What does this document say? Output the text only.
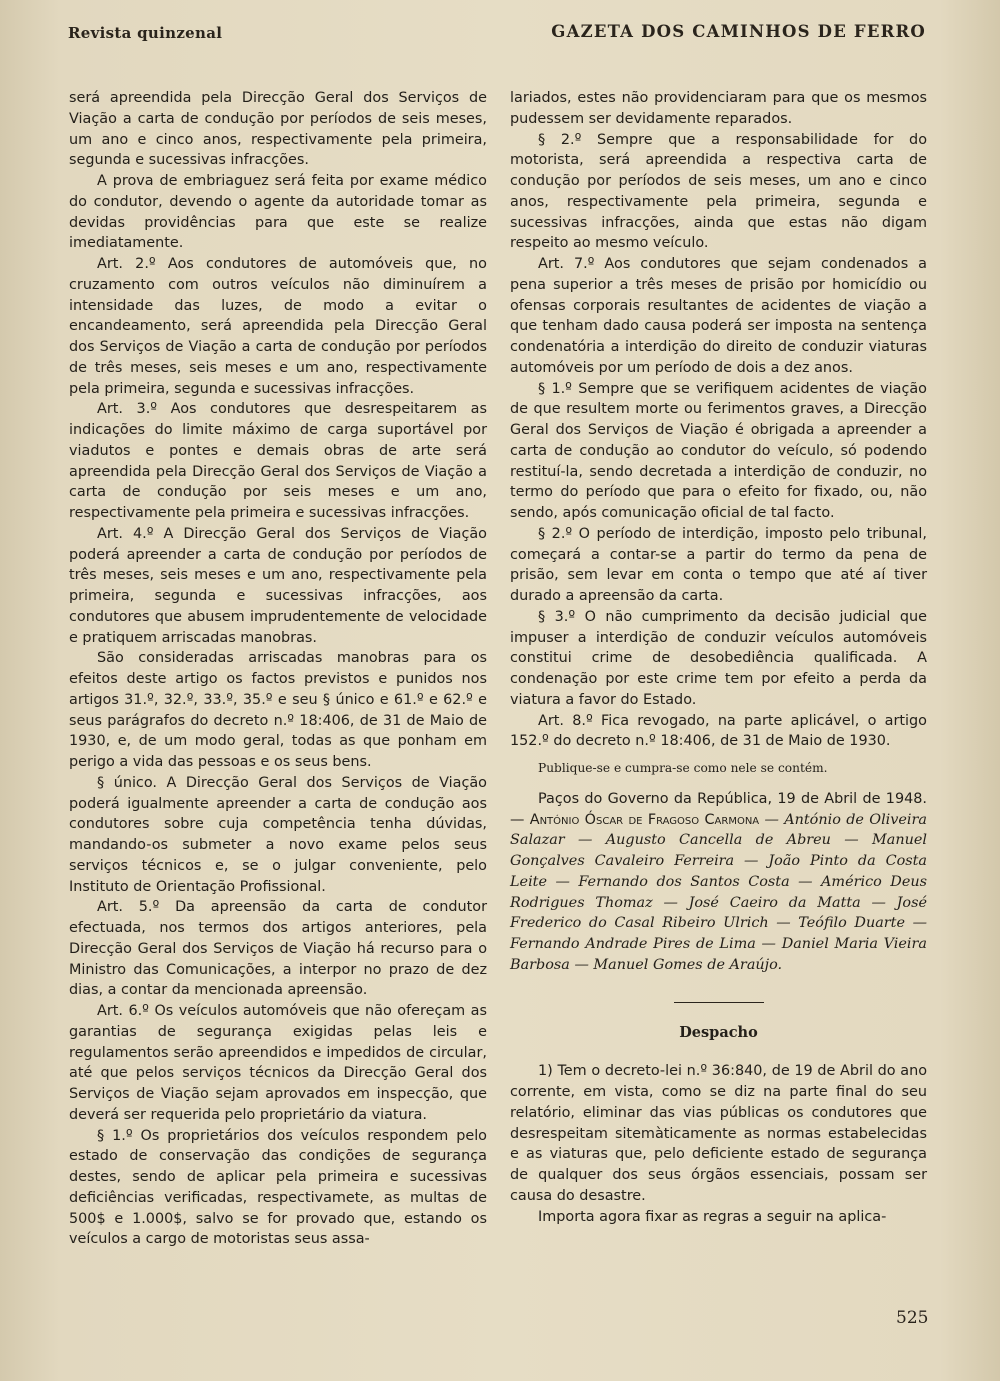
Revista quinzenal	GAZETA DOS CAMINHOS DE FERRO

será apreendida pela Direcção Geral dos Serviços de Viação a carta de condução por períodos de seis meses, um ano e cinco anos, respectivamente pela primeira, segunda e sucessivas infracções.

A prova de embriaguez será feita por exame médico do condutor, devendo o agente da autoridade tomar as devidas providências para que este se realize imediatamente.

Art. 2.º Aos condutores de automóveis que, no cruzamento com outros veículos não diminuírem a intensidade das luzes, de modo a evitar o encandeamento, será apreendida pela Direcção Geral dos Serviços de Viação a carta de condução por períodos de três meses, seis meses e um ano, respectivamente pela primeira, segunda e sucessivas infracções.

Art. 3.º Aos condutores que desrespeitarem as indicações do limite máximo de carga suportável por viadutos e pontes e demais obras de arte será apreendida pela Direcção Geral dos Serviços de Viação a carta de condução por seis meses e um ano, respectivamente pela primeira e sucessivas infracções.

Art. 4.º A Direcção Geral dos Serviços de Viação poderá apreender a carta de condução por períodos de três meses, seis meses e um ano, respectivamente pela primeira, segunda e sucessivas infracções, aos condutores que abusem imprudentemente de velocidade e pratiquem arriscadas manobras.

São consideradas arriscadas manobras para os efeitos deste artigo os factos previstos e punidos nos artigos 31.º, 32.º, 33.º, 35.º e seu § único e 61.º e 62.º e seus parágrafos do decreto n.º 18:406, de 31 de Maio de 1930, e, de um modo geral, todas as que ponham em perigo a vida das pessoas e os seus bens.

§ único. A Direcção Geral dos Serviços de Viação poderá igualmente apreender a carta de condução aos condutores sobre cuja competência tenha dúvidas, mandando-os submeter a novo exame pelos seus serviços técnicos e, se o julgar conveniente, pelo Instituto de Orientação Profissional.

Art. 5.º Da apreensão da carta de condutor efectuada, nos termos dos artigos anteriores, pela Direcção Geral dos Serviços de Viação há recurso para o Ministro das Comunicações, a interpor no prazo de dez dias, a contar da mencionada apreensão.

Art. 6.º Os veículos automóveis que não ofereçam as garantias de segurança exigidas pelas leis e regulamentos serão apreendidos e impedidos de circular, até que pelos serviços técnicos da Direcção Geral dos Serviços de Viação sejam aprovados em inspecção, que deverá ser requerida pelo proprietário da viatura.

§ 1.º Os proprietários dos veículos respondem pelo estado de conservação das condições de segurança destes, sendo de aplicar pela primeira e sucessivas deficiências verificadas, respectivamete, as multas de 500$ e 1.000$, salvo se for provado que, estando os veículos a cargo de motoristas seus assa-

lariados, estes não providenciaram para que os mesmos pudessem ser devidamente reparados.

§ 2.º Sempre que a responsabilidade for do motorista, será apreendida a respectiva carta de condução por períodos de seis meses, um ano e cinco anos, respectivamente pela primeira, segunda e sucessivas infracções, ainda que estas não digam respeito ao mesmo veículo.

Art. 7.º Aos condutores que sejam condenados a pena superior a três meses de prisão por homicídio ou ofensas corporais resultantes de acidentes de viação a que tenham dado causa poderá ser imposta na sentença condenatória a interdição do direito de conduzir viaturas automóveis por um período de dois a dez anos.

§ 1.º Sempre que se verifiquem acidentes de viação de que resultem morte ou ferimentos graves, a Direcção Geral dos Serviços de Viação é obrigada a apreender a carta de condução ao condutor do veículo, só podendo restituí-la, sendo decretada a interdição de conduzir, no termo do período que para o efeito for fixado, ou, não sendo, após comunicação oficial de tal facto.

§ 2.º O período de interdição, imposto pelo tribunal, começará a contar-se a partir do termo da pena de prisão, sem levar em conta o tempo que até aí tiver durado a apreensão da carta.

§ 3.º O não cumprimento da decisão judicial que impuser a interdição de conduzir veículos automóveis constitui crime de desobediência qualificada. A condenação por este crime tem por efeito a perda da viatura a favor do Estado.

Art. 8.º Fica revogado, na parte aplicável, o artigo 152.º do decreto n.º 18:406, de 31 de Maio de 1930.

Publique-se e cumpra-se como nele se contém.

Paços do Governo da República, 19 de Abril de 1948. — António Óscar de Fragoso Carmona — António de Oliveira Salazar — Augusto Cancella de Abreu — Manuel Gonçalves Cavaleiro Ferreira — João Pinto da Costa Leite — Fernando dos Santos Costa — Américo Deus Rodrigues Thomaz — José Caeiro da Matta — José Frederico do Casal Ribeiro Ulrich — Teófilo Duarte — Fernando Andrade Pires de Lima — Daniel Maria Vieira Barbosa — Manuel Gomes de Araújo.

Despacho

1) Tem o decreto-lei n.º 36:840, de 19 de Abril do ano corrente, em vista, como se diz na parte final do seu relatório, eliminar das vias públicas os condutores que desrespeitam sitemàticamente as normas estabelecidas e as viaturas que, pelo deficiente estado de segurança de qualquer dos seus órgãos essenciais, possam ser causa do desastre.

Importa agora fixar as regras a seguir na aplica-

525
